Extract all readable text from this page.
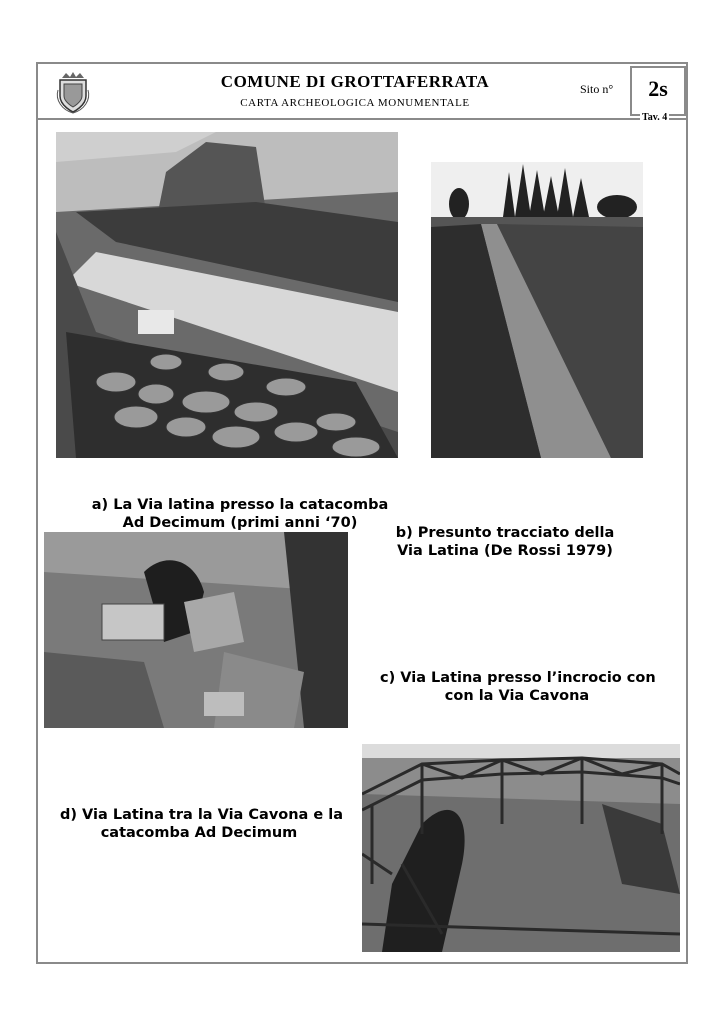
COMUNE DI GROTTAFERRATA
CARTA ARCHEOLOGICA MONUMENTALE
Sito n°	2s
Tav. 4
a) La Via latina presso la catacomba
Ad Decimum (primi anni ‘70)
b) Presunto tracciato della
Via Latina (De Rossi 1979)
c) Via Latina presso l’incrocio con
con la Via Cavona
d) Via Latina tra la Via Cavona e la
catacomba Ad Decimum
